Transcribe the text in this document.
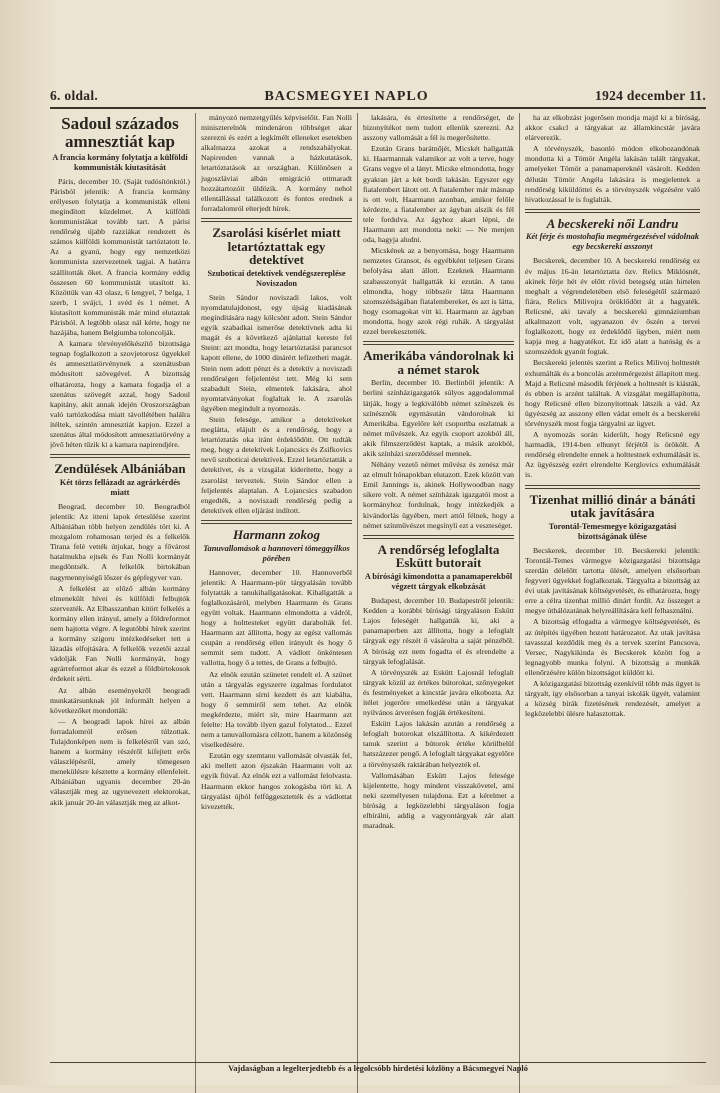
6. oldal.	BACSMEGYEI NAPLO	1924 december 11.
Sadoul százados amnesztiát kap
A francia kormány folytatja a külföldi kommunisták kiutasítását

Páris, december 10. (Saját tudósítónktól.) Párisból jelentik: A francia kormány erélyesen folytatja a kommunisták elleni megindított küzdelmet. A külföldi kommunistákat tovább tart. A párisi rendőrség újabb razziákat rendezett és számos külföldi kommunistát tartóztatott le. Az a gyanú, hogy egy nemzetközi kommunista szervezetnek tagjai. A határra szállították őket. A francia kormány eddig összesen 60 kommunistát utasított ki. Közöttük van 43 olasz, 6 lengyel, 7 belga, 1 szerb, 1 svájci, 1 svéd és 1 német. A kiutasított kommunisták már mind elutaztak Párisból. A legtöbb olasz nál kérte, hogy ne hazájába, hanem Belgiumba toloncolják.

A kamara törvényelőkészítő bizottsága tegnap foglalkozott a szovjetorosz ügyekkel és amnesztiatörvénynek a szenátusban módosított szövegével. A bizottság elhatározta, hogy a kamara fogadja el a szenátus szövegét azzal, hogy Sadoul kapitány, akit annak idején Oroszországban való tartózkodása miatt távollétében halálra ítéltek, szintén amnesztiát kapjon. Ezzel a szenátus által módosított amnesztiatörvény a jövő héten tűzik ki a kamara napirendjére.

Zendülések Albániában
Két törzs fellázadt az agrárkérdés miatt

Beograd, december 10. Beogradból jelentik: Az itteni lapok értesülése szerint Albániában több helyen zendülés tört ki. A mozgalom rohamosan terjed és a felkelők Tirana felé vették útjukat, hogy a fővárost hatalmukba ejtsék és Fan Nolli kormányát megdöntsék. A felkelők birtokában nagymennyiségű lőszer és gépfegyver van.

A felkelést az előző albán kormány elmenekült hívei és külföldi felbujtók szervezték. Az Elbasszanban kitört felkelés a kormány ellen irányul, amely a földreformot nem hajtotta végre. A legutóbbi hírek szerint a kormány szigoru intézkedéseket tett a lázadás elfojtására. A felkelők vezetői azzal vádolják Fan Nolli kormányát, hogy agrárreformot akar és ezzel a földbirtokosok érdekeit sérti.

Az albán eseményekről beogradi munkatársunknak jól informált helyen a következőket mondották:

— A beogradi lapok hírei az albán forradalomról erősen túlzottak. Tulajdonképen nem is felkelésről van szó, hanem a kormány részéről kifejtett erős válaszlépésről, amely tömegesen menekülésre késztette a kormány ellenfeleit. Albániában ugyanis december 20-án választják meg az ugynevezett elektorokat, akik január 20-án választják meg az alkot-

mányozó nemzetgyűlés képviselőit. Fan Nolli miniszterelnök mindenáron többséget akar szerezni és ezért a legkímélt elleneket esetekben alkalmazza azokat a rendszabályokat. Napirenden vannak a házkutatások, letartóztatások az országban. Különösen a jugoszláviai albán emigráció ottmaradt hozzátartozóit üldözik. A kormány nehol ellentállással találkozott és fontos erednek a forradalomról elterjedt hírek.

Zsarolási kísérlet miatt letartóztattak egy detektívet
Szuboticai detektívek vendégszereplése Noviszadon

Stein Sándor noviszadi lakos, volt nyomdatulajdonost, egy újság kiadásának megindítására nagy kölcsönt adott. Stein Sándor egyik szabadkai ismerőse detektívnek adta ki magát és a következő ajánlattal kereste fel Steint: azt mondta, hogy letartóztatási parancsot kapott ellene, de 1000 dinárért lefizetheti magát. Stein nem adott pénzt és a detektív a noviszadi rendőrségen feljelentést tett. Még ki sem szabadult Stein, elmentek lakására, ahol nyomtatványokat foglaltak le. A zsarolás ügyében megindult a nyomozás.

Stein felesége, amikor a detektíveket meglátta, elájult és a rendőrség, hogy a letartóztatás oka iránt érdeklődött. Ott tudták meg, hogy a detektívek Lojancsics és Zsifkovics nevű szuboticai detektívek. Ezzel letartóztatták a detektívet, és a vizsgálat kiderítette, hogy a zsarolást terveztek. Stein Sándor ellen a feljelentés alaptalan. A Lojancsics szabadon engedték, a noviszadi rendőrség pedig a detektívek ellen eljárást indított.

Harmann zokog
Tanuvallomások a hannoveri tömeggyilkos pörében

Hannover, december 10. Hannoverből jelentik: A Haarmann-pör tárgyalásán tovább folytatták a tanukihallgatásokat. Kihallgatták a foglalkozásáról, melyben Haarmann és Grans együtt voltak. Haarmann elmondotta a vádról, hogy a holttesteket együtt darabolták fel. Haarmann azt állította, hogy az egész vallomás csupán a rendőrség ellen irányult és hogy ő semmit sem tudott. A vádlott önkéntesen vallotta, hogy ő a tettes, de Grans a felbujtó.

Az elnök ezután szünetet rendelt el. A szünet után a tárgyalás egyszerre izgalmas fordulatot vett. Haarmann sírni kezdett és azt kiabálta, hogy ő semmiről sem tehet. Az elnök megkérdezte, miért sír, mire Haarmann azt felelte: Ha tovább ilyen gazul folytatod... Ezzel nem a tanuvallomásra célzott, hanem a közönség viselkedésére.

Ezután egy szemtanu vallomását olvasták fel, aki mellett azon éjszakán Haarmann volt az egyik fiúval. Az elnök ezt a vallomást felolvasta. Haarmann ekkor hangos zokogásba tört ki. A tárgyalást újból felfüggesztették és a vádlottat kivezették.

lakására, és értesítette a rendőrséget, de bizonyítékot nem tudott ellenük szerezni. Az asszony vallomását a fél is megerősítette.

Ezután Grans barátnőjét, Micskét hallgatták ki. Haarmannak valamikor az volt a terve, hogy Grans vegye el a lányt. Micske elmondotta, hogy gyakran járt a két bordi lakásán. Egyszer egy fiatalembert látott ott. A fiatalember már másnap is ott volt, Haarmann azonban, amikor felőle kérdezte, a fiatalember az ágyban alszik és fél tele fordulva. Az ágyhoz akart lépni, de Haarmann azt mondotta neki: — Ne menjen oda, hagyja aludni.

Micskének az a benyomása, hogy Haarmann nemzetes Gransot, és egyébként teljesen Grans befolyása alatt állott. Ezeknek Haarmann szabasszonyát hallgatták ki ezután. A tanu elmondta, hogy többször látta Haarmann szomszédságában fiatalembereket, és azt is látta, hogy csomagokat vitt ki. Haarmann az ágyban mondotta, hogy azok régi ruhák. A tárgyalást ezzel berekesztették.

Amerikába vándorolnak ki a német starok

Berlin, december 10. Berlinből jelentik: A berlini színházigazgatók súlyos aggodalommal látják, hogy a legkiválóbb német színészek és színésznők egymásután vándorolnak ki Amerikába. Egyelőre két csoportba oszlatnak a német művészek. Az egyik csoport azokból áll, akik filmszerződést kaptak, a másik azokból, akik színházi szerződéssel mennek.

Néhány vezető német művész és zenész már az elmult hónapokban elutazott. Ezek között van Emil Jannings is, akinek Hollywoodban nagy sikere volt. A német színházak igazgatói most a kormányhoz fordulnak, hogy intézkedjék a kivándorlás ügyében, mert attól félnek, hogy a német színművészet megsínyli ezt a veszteséget.

A rendőrség lefoglalta Eskütt butorait
A bírósági kimondotta a panamaperekből végzett tárgyak elkobzását

Budapest, december 10. Budapestről jelentik: Kedden a korábbi bírósági tárgyaláson Eskütt Lajos feleségét hallgatták ki, aki a panamaperben azt állította, hogy a lefoglalt tárgyak egy részét ő vásárolta a saját pénzéből. A bíróság ezt nem fogadta el és elrendelte a tárgyak lefoglalását.

A törvényszék az Eskütt Lajosnál lefoglalt tárgyak közül az értékes bútorokat, szőnyegeket és festményeket a kincstár javára elkobozta. Az ítélet jogerőre emelkedése után a tárgyakat nyilvános árverésen fogják értékesíteni.

Eskütt Lajos lakásán azután a rendőrség a lefoglalt butorokat elszállította. A kikérdezett tanuk szerint a bútorok értéke körülbelül hatszázezer pengő. A lefoglalt tárgyakat egyelőre a törvényszék raktárában helyezték el.

Vallomásában Eskütt Lajos felesége kijelentette, hogy mindent visszakövetel, ami neki személyesen tulajdona. Ezt a kérelmet a bíróság a legközelebbi tárgyaláson fogja elbírálni, addig a vagyontárgyak zár alatt maradnak.

ha az elkobzást jogerősen mondja majd ki a bíróság, akkor csakcl a tárgyakat az államkincstár javára elárverezik.

A törvényszék, basonló módon elkobozandónak mondotta ki a Tömör Angéla lakásán talált tárgyakat, amelyeket Tömör a panamapereknél vásárolt. Kedden délután Tömör Angéla lakására is megjelentek a rendőrség kiküldöttei és a törvényszék végzésére való hivatkozással le is foglalták.

A becskereki női Landru
Két férje és mostohafia megmérgezésével vádolnak egy becskereki asszonyt

Becskerek, december 10. A becskereki rendőrség ez év május 16-án letartóztatta özv. Relics Miklósnét, akinek férje hét év előtt rövid betegség után hirtelen meghalt a végrendeletében első feleségétől származó fiára, Relics Milivojra öröklődött át a hagyaték. Relicsné, aki tavaly a becskereki gimnáziumban alkalmazott volt, ugyanazon év őszén a tervei foglalkozott, hogy ez érdeklődő ügyben, miért nem kapja meg a hagyatékot. Ez idő alatt a hatóság és a szomszédok gyanút fogtak.

Becskereki jelentés szerint a Relics Milivoj holttestét exhumálták és a boncolás arzénmérgezést állapított meg. Majd a Relicsné második férjének a holttestét is kiásták, és ebben is arzént találtak. A vizsgálat megállapította, hogy Relicsné ellen bizonyítottnak látszik a vád. Az ügyészség az asszony ellen vádat emelt és a becskereki törvényszék most fogja tárgyalni az ügyet.

A nyomozás során kiderült, hogy Relicsné egy harmadik, 1914-ben elhunyt férjétől is örökölt. A rendőrség elrendelte ennek a holttestnek exhumálását is. Az ügyészség ezért elrendelte Kerglovics exhumálását is.

Tizenhat millió dinár a bánáti utak javítására
Torontál-Temesmegye közigazgatási bizottságának ülése

Becskerek, december 10. Becskereki jelentik: Torontál-Temes vármegye közigazgatási bizottsága szerdán délelőtt tartotta ülését, amelyen elsősorban fegyveri ügyekkel foglalkoztak. Tárgyalta a bizottság az évi utak javításának költségvetését, és elhatározta, hogy erre a célra tizenhat millió dinárt fordít. Az összeget a megye úthálózatának helyreállítására kell felhasználni.

A bizottság elfogadta a vármegye költségvetését, és az útépítés ügyében hozott határozatot. Az utak javítása tavasszal kezdődik meg és a tervek szerint Pancsova, Versec, Nagykikinda és Becskerek között fog a legnagyobb munka folyni. A bizottság a munkák ellenőrzésére külön bizottságot küldött ki.

A közigazgatási bizottság ezenkívül több más ügyet is tárgyalt, így elsősorban a tanyai iskolák ügyét, valamint a község bírák fizetésének rendezését, amelyet a legközelebbi ülésre halasztottak.

Vajdaságban a legelterjedtebb és a legolcsóbb hirdetési közlöny a Bácsmegyei Napló
